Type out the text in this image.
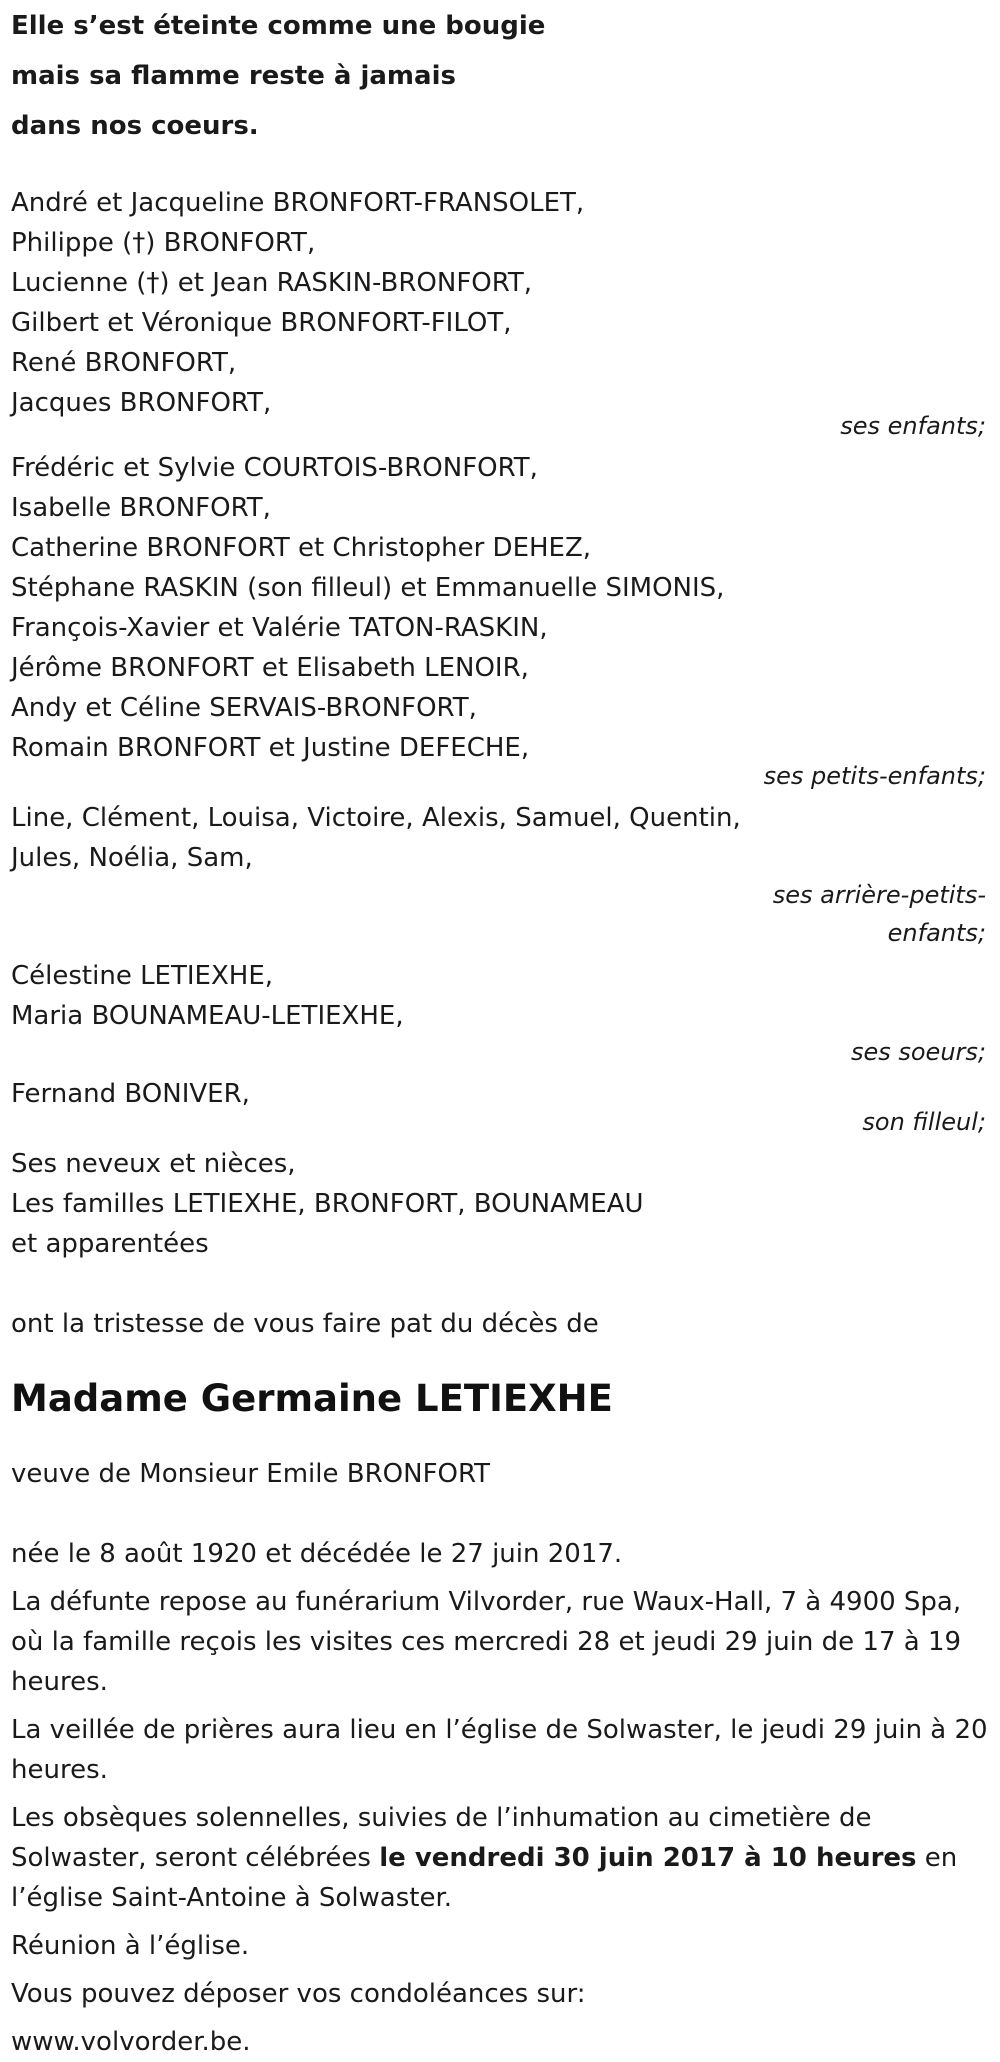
Elle s’est éteinte comme une bougie
mais sa flamme reste à jamais
dans nos coeurs.
André et Jacqueline BRONFORT-FRANSOLET,
Philippe (†) BRONFORT,
Lucienne (†) et Jean RASKIN-BRONFORT,
Gilbert et Véronique BRONFORT-FILOT,
René BRONFORT,
Jacques BRONFORT,
ses enfants;
Frédéric et Sylvie COURTOIS-BRONFORT,
Isabelle BRONFORT,
Catherine BRONFORT et Christopher DEHEZ,
Stéphane RASKIN (son filleul) et Emmanuelle SIMONIS,
François-Xavier et Valérie TATON-RASKIN,
Jérôme BRONFORT et Elisabeth LENOIR,
Andy et Céline SERVAIS-BRONFORT,
Romain BRONFORT et Justine DEFECHE,
ses petits-enfants;
Line, Clément, Louisa, Victoire, Alexis, Samuel, Quentin,
Jules, Noélia, Sam,
ses arrière-petits-
enfants;
Célestine LETIEXHE,
Maria BOUNAMEAU-LETIEXHE,
ses soeurs;
Fernand BONIVER,
son filleul;
Ses neveux et nièces,
Les familles LETIEXHE, BRONFORT, BOUNAMEAU
et apparentées

ont la tristesse de vous faire pat du décès de

Madame Germaine LETIEXHE

veuve de Monsieur Emile BRONFORT

née le 8 août 1920 et décédée le 27 juin 2017.

La défunte repose au funérarium Vilvorder, rue Waux-Hall, 7 à 4900 Spa,
où la famille reçois les visites ces mercredi 28 et jeudi 29 juin de 17 à 19
heures.
La veillée de prières aura lieu en l’église de Solwaster, le jeudi 29 juin à 20
heures.
Les obsèques solennelles, suivies de l’inhumation au cimetière de
Solwaster, seront célébrées le vendredi 30 juin 2017 à 10 heures en
l’église Saint-Antoine à Solwaster.

Réunion à l’église.

Vous pouvez déposer vos condoléances sur:

www.volvorder.be.
